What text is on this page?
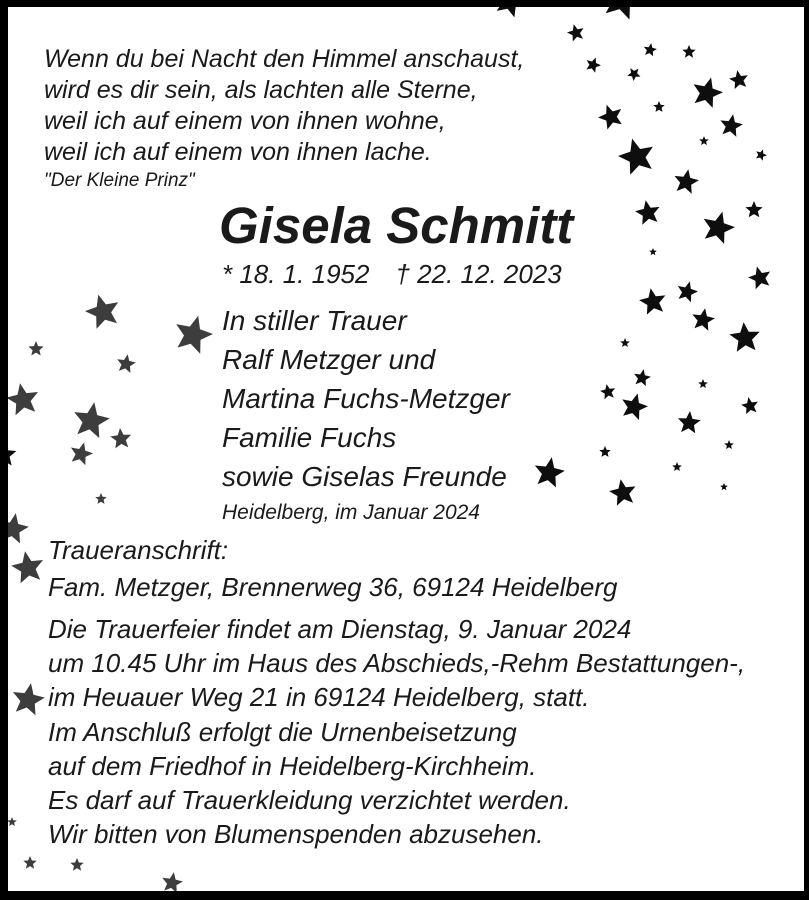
Wenn du bei Nacht den Himmel anschaust,
wird es dir sein, als lachten alle Sterne,
weil ich auf einem von ihnen wohne,
weil ich auf einem von ihnen lache.
"Der Kleine Prinz"
Gisela Schmitt
* 18. 1. 1952 † 22. 12. 2023
In stiller Trauer
Ralf Metzger und
Martina Fuchs-Metzger
Familie Fuchs
sowie Giselas Freunde
Heidelberg, im Januar 2024
Traueranschrift:
Fam. Metzger, Brennerweg 36, 69124 Heidelberg
Die Trauerfeier findet am Dienstag, 9. Januar 2024
um 10.45 Uhr im Haus des Abschieds,-Rehm Bestattungen-,
im Heuauer Weg 21 in 69124 Heidelberg, statt.
Im Anschluß erfolgt die Urnenbeisetzung
auf dem Friedhof in Heidelberg-Kirchheim.
Es darf auf Trauerkleidung verzichtet werden.
Wir bitten von Blumenspenden abzusehen.
